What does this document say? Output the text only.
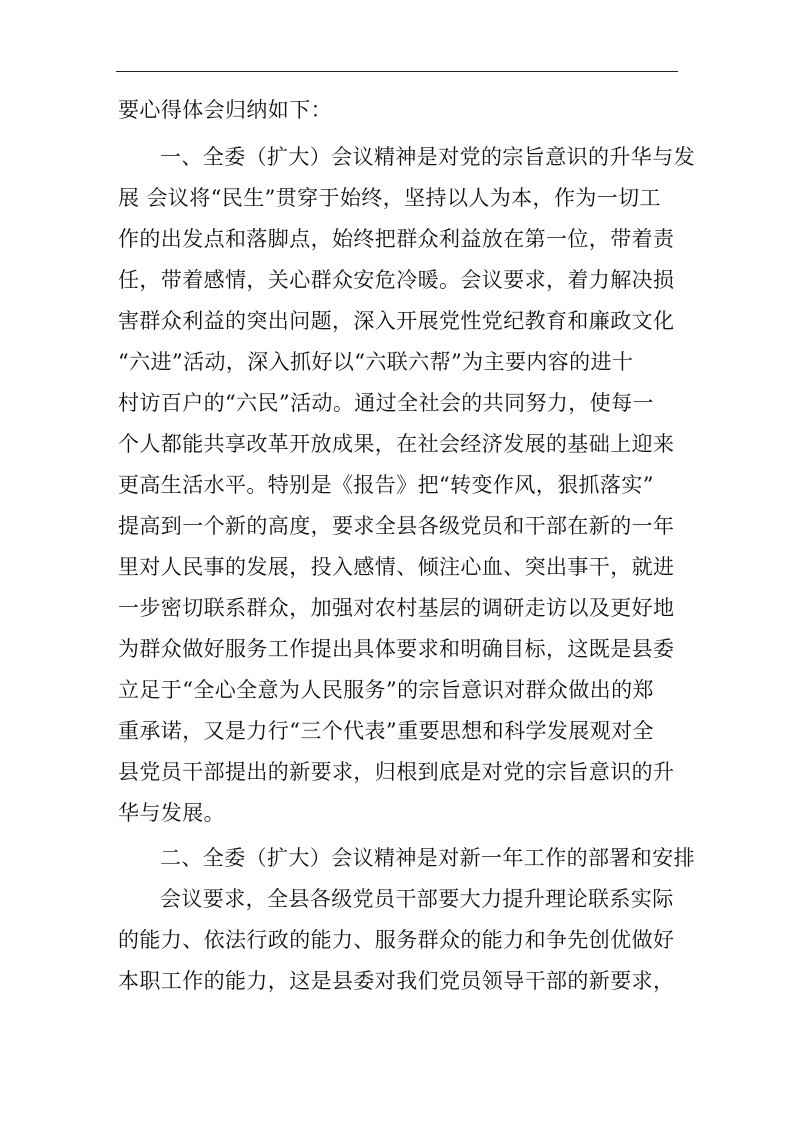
要心得体会归纳如下：
一、全委（扩大）会议精神是对党的宗旨意识的升华与发
展 会议将“民生”贯穿于始终，坚持以人为本，作为一切工
作的出发点和落脚点，始终把群众利益放在第一位，带着责
任，带着感情，关心群众安危冷暖。会议要求，着力解决损
害群众利益的突出问题，深入开展党性党纪教育和廉政文化
“六进”活动，深入抓好以“六联六帮”为主要内容的进十
村访百户的“六民”活动。通过全社会的共同努力，使每一
个人都能共享改革开放成果，在社会经济发展的基础上迎来
更高生活水平。特别是《报告》把“转变作风，狠抓落实”
提高到一个新的高度，要求全县各级党员和干部在新的一年
里对人民事的发展，投入感情、倾注心血、突出事干，就进
一步密切联系群众，加强对农村基层的调研走访以及更好地
为群众做好服务工作提出具体要求和明确目标，这既是县委
立足于“全心全意为人民服务”的宗旨意识对群众做出的郑
重承诺，又是力行“三个代表”重要思想和科学发展观对全
县党员干部提出的新要求，归根到底是对党的宗旨意识的升
华与发展。
二、全委（扩大）会议精神是对新一年工作的部署和安排
会议要求，全县各级党员干部要大力提升理论联系实际
的能力、依法行政的能力、服务群众的能力和争先创优做好
本职工作的能力，这是县委对我们党员领导干部的新要求，
